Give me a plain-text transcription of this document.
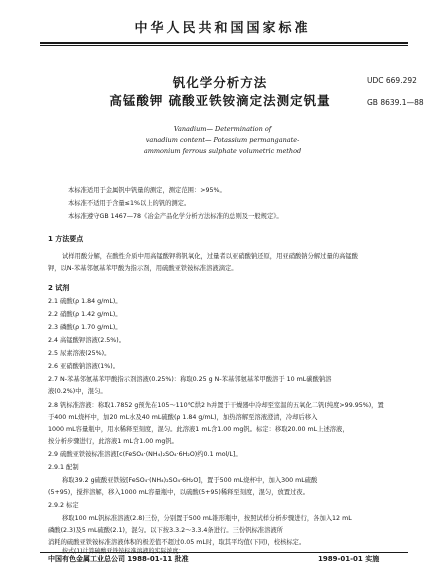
中华人民共和国国家标准
UDC 669.292
GB 8639.1—88
钒化学分析方法
高锰酸钾 硫酸亚铁铵滴定法测定钒量
Vanadium— Determination of
vanadium content— Potassium permanganate-
ammonium ferrous sulphate volumetric method
本标准适用于金属钒中钒量的测定，测定范围：>95%。
本标准不适用于含量≤1%以上的钒的测定。
本标准遵守GB 1467—78《冶金产品化学分析方法标准的总则及一般规定》。
1 方法要点
试样用酸分解，在酸性介质中用高锰酸钾将钒氧化，过量者以亚硝酸钠还原，用亚硝酸钠分解过量的高锰酸
钾，以N-苯基邻氨基苯甲酸为指示剂，用硫酸亚铁铵标准溶液滴定。
2 试剂
2.1 硫酸(ρ 1.84 g/mL)。
2.2 硝酸(ρ 1.42 g/mL)。
2.3 磷酸(ρ 1.70 g/mL)。
2.4 高锰酸钾溶液(2.5%)。
2.5 尿素溶液(25%)。
2.6 亚硝酸钠溶液(1%)。
2.7 N-苯基邻氨基苯甲酸指示剂溶液(0.25%)：称取0.25 g N-苯基邻氨基苯甲酸溶于 10 mL碳酸钠溶
液(0.2%)中，混匀。
2.8 钒标准溶液：称取1.7852 g预先在105～110℃烘2 h并置于干燥器中冷却至室温的五氧化二钒(纯度>99.95%)，置
于400 mL烧杯中，加20 mL水及40 mL硫酸(ρ 1.84 g/mL)，加热溶解至溶液澄清，冷却后移入
1000 mL容量瓶中，用水稀释至刻度，混匀。此溶液1 mL含1.00 mg钒。标定：移取20.00 mL上述溶液，
按分析步骤进行，此溶液1 mL含1.00 mg钒。
2.9 硫酸亚铁铵标准溶液[c(FeSO₄·(NH₄)₂SO₄·6H₂O)约0.1 mol/L]。
2.9.1 配制
称取39.2 g硫酸亚铁铵[FeSO₄·(NH₄)₂SO₄·6H₂O]，置于500 mL烧杯中，加入300 mL硫酸
(5+95)，搅拌溶解，移入1000 mL容量瓶中，以硫酸(5+95)稀释至刻度，混匀，放置过夜。
2.9.2 标定
移取100 mL钒标准溶液(2.8)三份，分别置于500 mL锥形瓶中，按照试样分析步骤进行，各加入12 mL
磷酸(2.3)及5 mL硫酸(2.1)，混匀。以下按3.3.2～3.3.4条进行。三份钒标准溶液所
消耗的硫酸亚铁铵标准溶液体积的极差值不超过0.05 mL时，取其平均值(下同)，校核标定。
中国有色金属工业总公司 1988-01-11 批准	1989-01-01 实施
